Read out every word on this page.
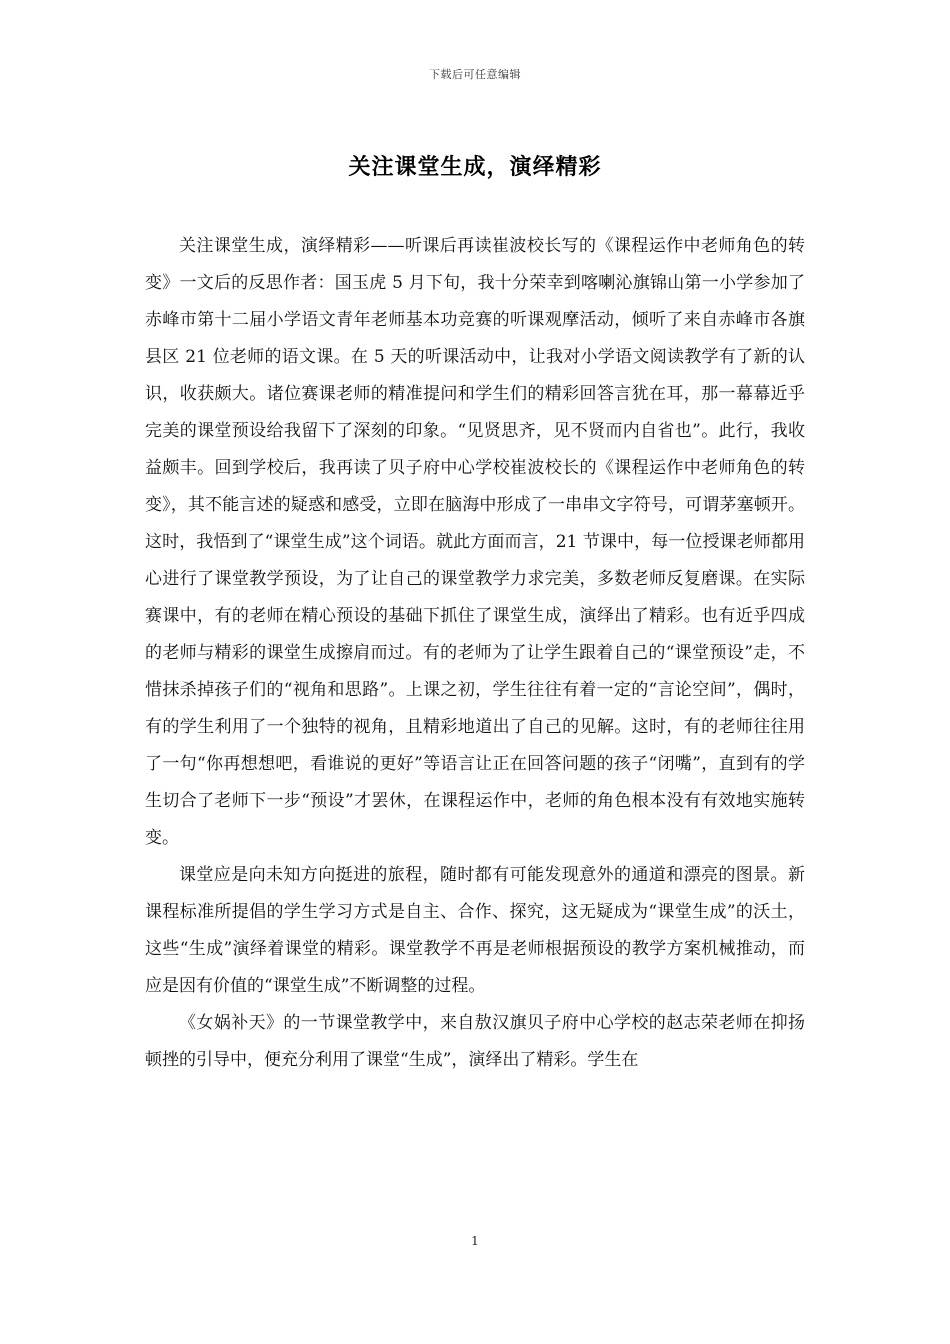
下载后可任意编辑
关注课堂生成，演绎精彩

关注课堂生成，演绎精彩——听课后再读崔波校长写的《课程运作中老师角色的转变》一文后的反思作者：国玉虎 5 月下旬，我十分荣幸到喀喇沁旗锦山第一小学参加了赤峰市第十二届小学语文青年老师基本功竞赛的听课观摩活动，倾听了来自赤峰市各旗县区 21 位老师的语文课。在 5 天的听课活动中，让我对小学语文阅读教学有了新的认识，收获颇大。诸位赛课老师的精准提问和学生们的精彩回答言犹在耳，那一幕幕近乎完美的课堂预设给我留下了深刻的印象。“见贤思齐，见不贤而内自省也”。此行，我收益颇丰。回到学校后，我再读了贝子府中心学校崔波校长的《课程运作中老师角色的转变》，其不能言述的疑惑和感受，立即在脑海中形成了一串串文字符号，可谓茅塞顿开。这时，我悟到了“课堂生成”这个词语。就此方面而言，21 节课中，每一位授课老师都用心进行了课堂教学预设，为了让自己的课堂教学力求完美，多数老师反复磨课。在实际赛课中，有的老师在精心预设的基础下抓住了课堂生成，演绎出了精彩。也有近乎四成的老师与精彩的课堂生成擦肩而过。有的老师为了让学生跟着自己的“课堂预设”走，不惜抹杀掉孩子们的“视角和思路”。上课之初，学生往往有着一定的“言论空间”，偶时，有的学生利用了一个独特的视角，且精彩地道出了自己的见解。这时，有的老师往往用了一句“你再想想吧，看谁说的更好”等语言让正在回答问题的孩子“闭嘴”，直到有的学生切合了老师下一步“预设”才罢休，在课程运作中，老师的角色根本没有有效地实施转变。

课堂应是向未知方向挺进的旅程，随时都有可能发现意外的通道和漂亮的图景。新课程标准所提倡的学生学习方式是自主、合作、探究，这无疑成为“课堂生成”的沃土，这些“生成”演绎着课堂的精彩。课堂教学不再是老师根据预设的教学方案机械推动，而应是因有价值的“课堂生成”不断调整的过程。

《女娲补天》的一节课堂教学中，来自敖汉旗贝子府中心学校的赵志荣老师在抑扬顿挫的引导中，便充分利用了课堂“生成”，演绎出了精彩。学生在

1
